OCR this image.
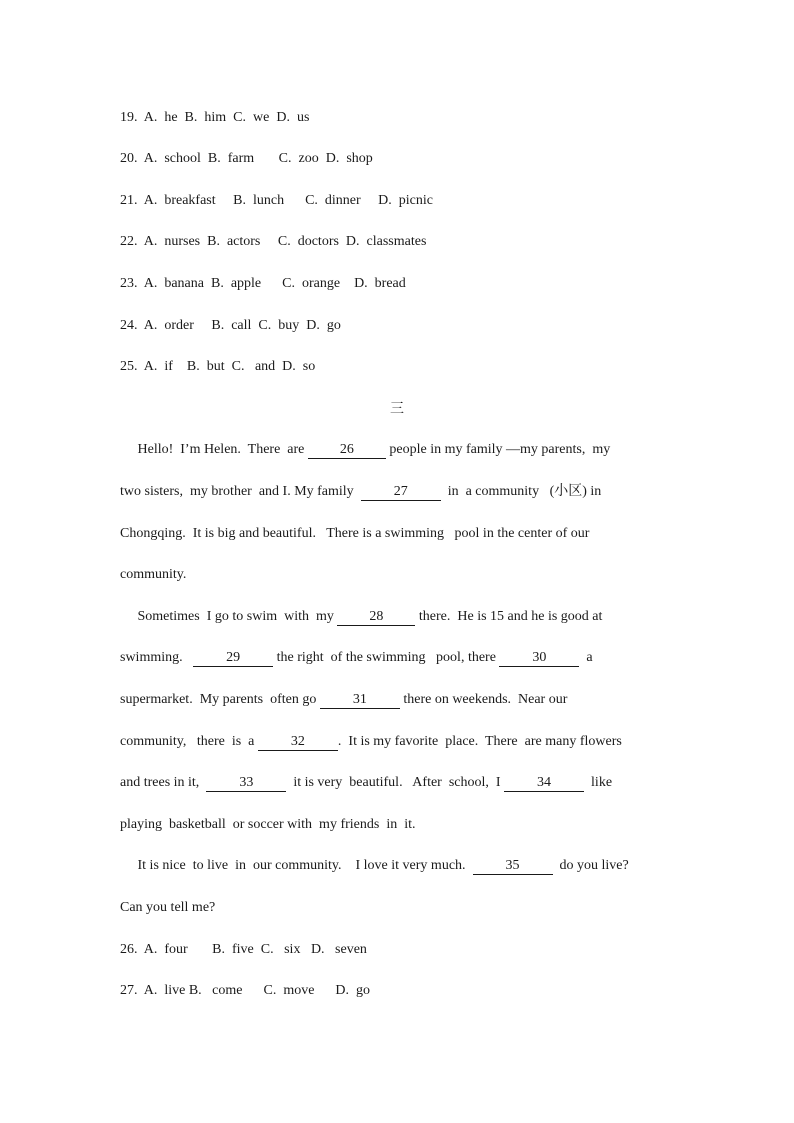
19.  A.  he  B.  him  C.  we  D.  us
20.  A.  school  B.  farm       C.  zoo  D.  shop
21.  A.  breakfast     B.  lunch      C.  dinner     D.  picnic
22.  A.  nurses  B.  actors     C.  doctors  D.  classmates
23.  A.  banana  B.  apple      C.  orange    D.  bread
24.  A.  order     B.  call  C.  buy  D.  go
25.  A.  if    B.  but  C.   and  D.  so
三
Hello!  I’m Helen.  There  are 26 people in my family —my parents,  my
two sisters,  my brother  and I. My family  27  in  a community   (小区) in
Chongqing.  It is big and beautiful.   There is a swimming   pool in the center of our
community.
Sometimes  I go to swim  with  my 28 there.  He is 15 and he is good at
swimming.   29 the right  of the swimming   pool, there 30  a
supermarket.  My parents  often go 31 there on weekends.  Near our
community,   there  is  a 32 .  It is my favorite  place.  There  are many flowers
and trees in it,  33  it is very  beautiful.   After  school,  I 34  like
playing  basketball  or soccer with  my friends  in  it.
It is nice  to live  in  our community.    I love it very much.  35  do you live?
Can you tell me?
26.  A.  four       B.  five  C.   six   D.   seven
27.  A.  live B.   come      C.  move      D.  go
